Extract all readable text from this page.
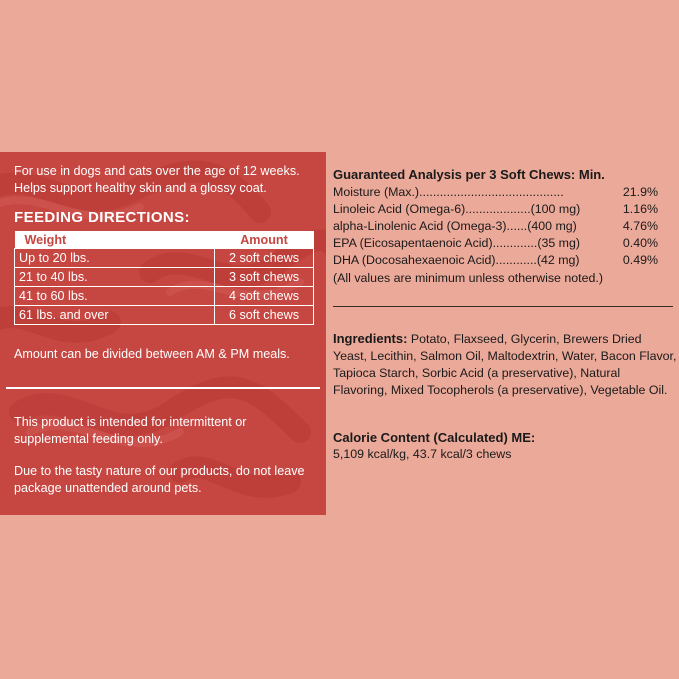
For use in dogs and cats over the age of 12 weeks. Helps support healthy skin and a glossy coat.

FEEDING DIRECTIONS:
Weight	Amount
Up to 20 lbs.	2 soft chews
21 to 40 lbs.	3 soft chews
41 to 60 lbs.	4 soft chews
61 lbs. and over	6 soft chews

Amount can be divided between AM & PM meals.

This product is intended for intermittent or supplemental feeding only.

Due to the tasty nature of our products, do not leave package unattended around pets.

Guaranteed Analysis per 3 Soft Chews: Min.

Moisture (Max.)..........................................	21.9%
Linoleic Acid (Omega-6)...................(100 mg)	1.16%
alpha-Linolenic Acid (Omega-3)......(400 mg)	4.76%
EPA (Eicosapentaenoic Acid).............(35 mg)	0.40%
DHA (Docosahexaenoic Acid)............(42 mg)	0.49%

(All values are minimum unless otherwise noted.)

Ingredients: Potato, Flaxseed, Glycerin, Brewers Dried Yeast, Lecithin, Salmon Oil, Maltodextrin, Water, Bacon Flavor, Tapioca Starch, Sorbic Acid (a preservative), Natural Flavoring, Mixed Tocopherols (a preservative), Vegetable Oil.

Calorie Content (Calculated) ME:

5,109 kcal/kg, 43.7 kcal/3 chews
